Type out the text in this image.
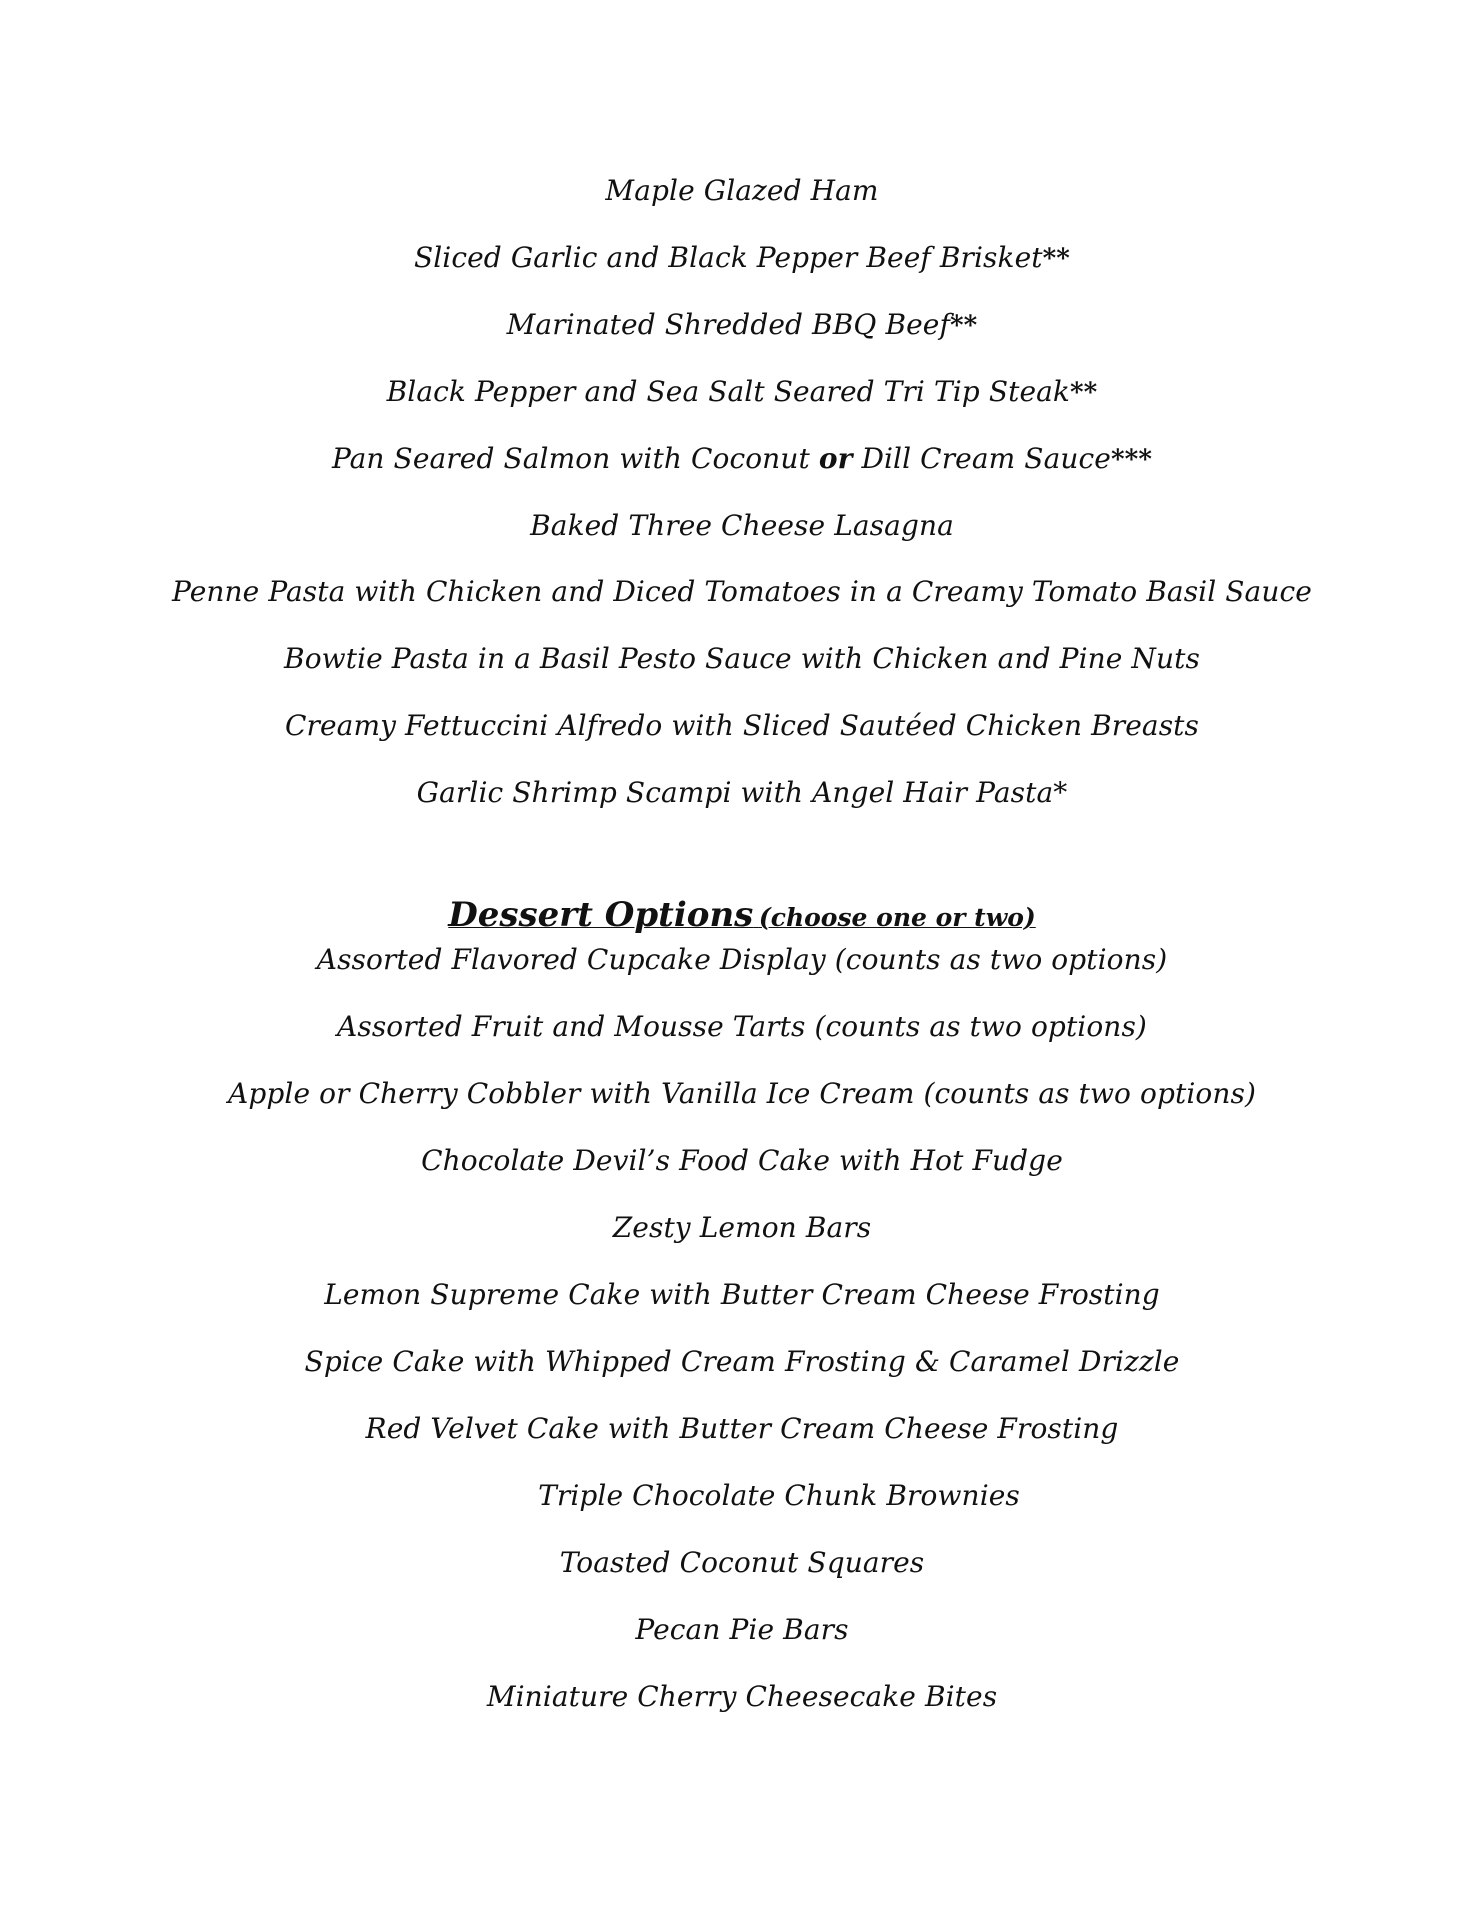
Maple Glazed Ham
Sliced Garlic and Black Pepper Beef Brisket**
Marinated Shredded BBQ Beef**
Black Pepper and Sea Salt Seared Tri Tip Steak**
Pan Seared Salmon with Coconut or Dill Cream Sauce***
Baked Three Cheese Lasagna
Penne Pasta with Chicken and Diced Tomatoes in a Creamy Tomato Basil Sauce
Bowtie Pasta in a Basil Pesto Sauce with Chicken and Pine Nuts
Creamy Fettuccini Alfredo with Sliced Sautéed Chicken Breasts
Garlic Shrimp Scampi with Angel Hair Pasta*
Dessert Options (choose one or two)
Assorted Flavored Cupcake Display (counts as two options)
Assorted Fruit and Mousse Tarts (counts as two options)
Apple or Cherry Cobbler with Vanilla Ice Cream (counts as two options)
Chocolate Devil’s Food Cake with Hot Fudge
Zesty Lemon Bars
Lemon Supreme Cake with Butter Cream Cheese Frosting
Spice Cake with Whipped Cream Frosting & Caramel Drizzle
Red Velvet Cake with Butter Cream Cheese Frosting
Triple Chocolate Chunk Brownies
Toasted Coconut Squares
Pecan Pie Bars
Miniature Cherry Cheesecake Bites
